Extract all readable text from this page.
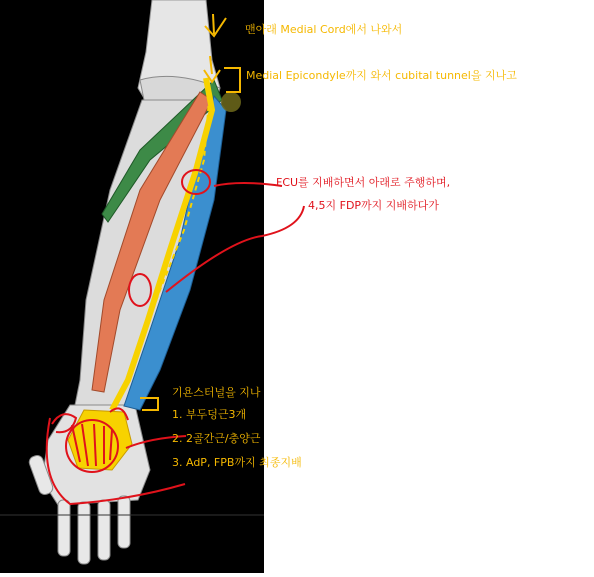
맨아래 Medial Cord에서 나와서
Medial Epicondyle까지 와서 cubital tunnel을 지나고
FCU를 지배하면서 아래로 주행하며,
4,5지 FDP까지 지배하다가
기욘스터널을 지나
1. 부두덩근3개
2. 2골간근/충양근
3. AdP, FPB까지 최종지배
